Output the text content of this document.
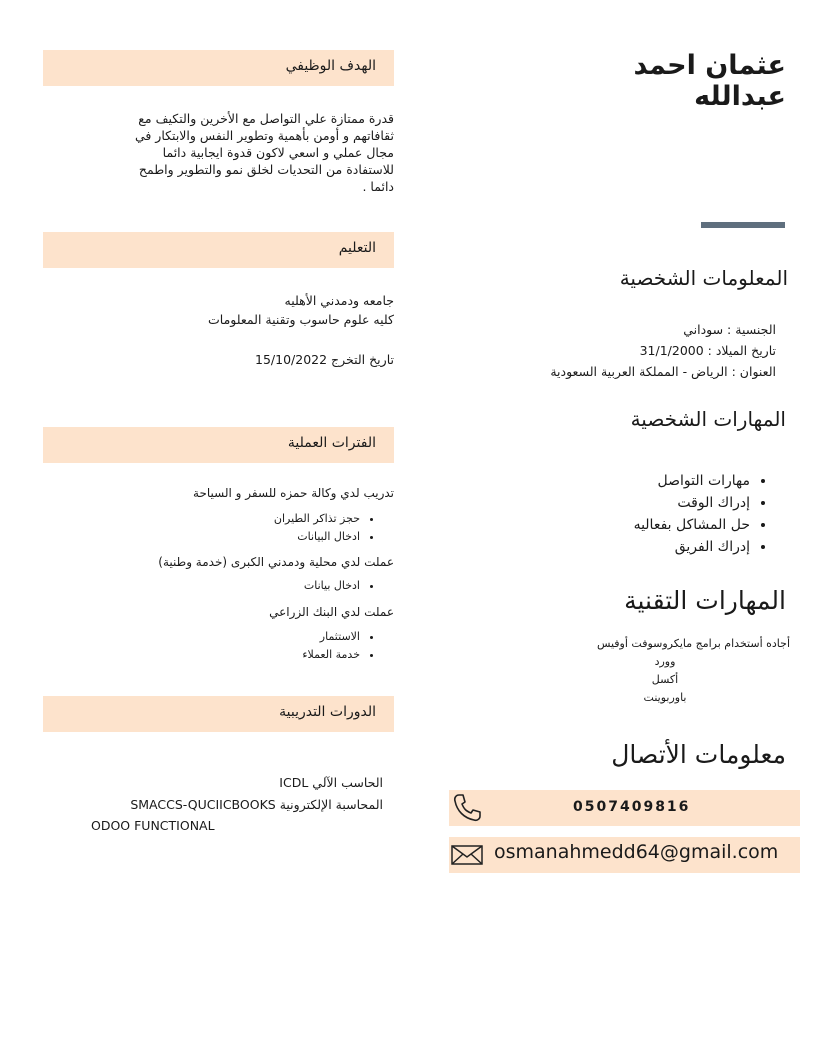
عثمان احمد
عبدالله
المعلومات الشخصية
الجنسية : سوداني
تاريخ الميلاد : 31/1/2000
العنوان : الرياض - المملكة العربية السعودية
المهارات الشخصية
• مهارات التواصل
• إدراك الوقت
• حل المشاكل بفعاليه
• إدراك الفريق
المهارات التقنية
أجاده أستخدام برامج مايكروسوفت أوفيس
وورد
أكسل
باوربوينت
معلومات الأتصال
0507409816
osmanahmedd64@gmail.com
الهدف الوظيفي
قدرة ممتازة علي التواصل مع الأخرين والتكيف مع
ثقافاتهم و أومن بأهمية وتطوير النفس والابتكار في
مجال عملي و اسعي لاكون قدوة ايجابية دائما
للاستفادة من التحديات لخلق نمو والتطوير واطمح
دائما .
التعليم
جامعه ودمدني الأهليه
كليه علوم حاسوب وتقنية المعلومات
تاريخ التخرج 15/10/2022
الفترات العملية
تدريب لدي وكالة حمزه للسفر و السياحة
• حجز تذاكر الطيران
• ادخال البيانات
عملت لدي محلية ودمدني الكبرى (خدمة وطنية)
• ادخال بيانات
عملت لدي البنك الزراعي
• الاستثمار
• خدمة العملاء
الدورات التدريبية
الحاسب الآلي ICDL
المحاسبة الإلكترونية SMACCS-QUCIICBOOKS
ODOO FUNCTIONAL
